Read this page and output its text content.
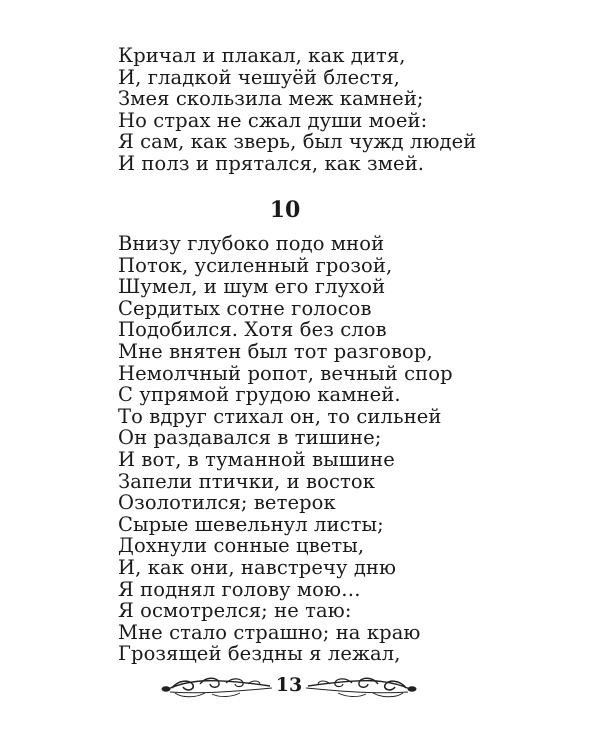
Кричал и плакал, как дитя,
И, гладкой чешуёй блестя,
Змея скользила меж камней;
Но страх не сжал души моей:
Я сам, как зверь, был чужд людей
И полз и прятался, как змей.
10
Внизу глубоко подо мной
Поток, усиленный грозой,
Шумел, и шум его глухой
Сердитых сотне голосов
Подобился. Хотя без слов
Мне внятен был тот разговор,
Немолчный ропот, вечный спор
С упрямой грудою камней.
То вдруг стихал он, то сильней
Он раздавался в тишине;
И вот, в туманной вышине
Запели птички, и восток
Озолотился; ветерок
Сырые шевельнул листы;
Дохнули сонные цветы,
И, как они, навстречу дню
Я поднял голову мою…
Я осмотрелся; не таю:
Мне стало страшно; на краю
Грозящей бездны я лежал,
13
